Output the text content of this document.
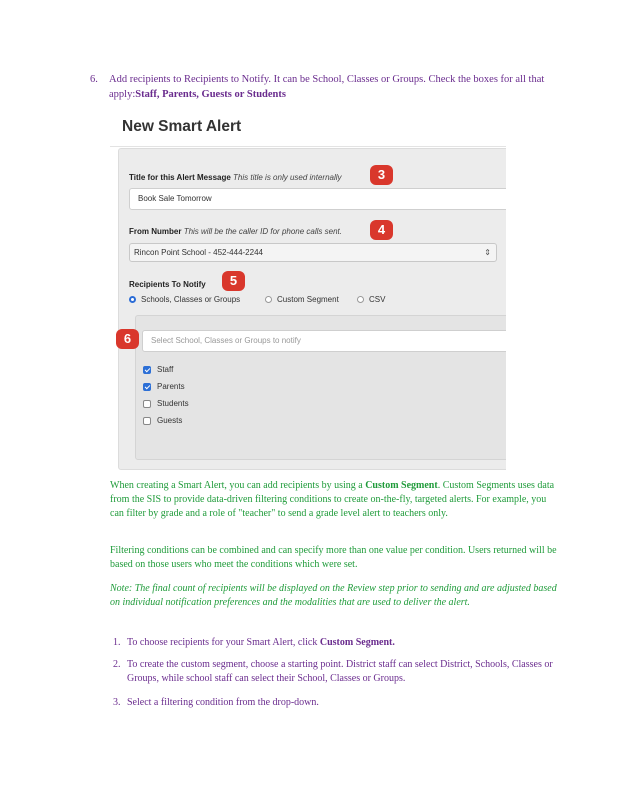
6. Add recipients to Recipients to Notify. It can be School, Classes or Groups. Check the boxes for all that apply:Staff, Parents, Guests or Students
New Smart Alert
Title for this Alert Message This title is only used internally	3
Book Sale Tomorrow
From Number This will be the caller ID for phone calls sent.	4
Rincon Point School - 452-444-2244	⇕
Recipients To Notify	5
Schools, Classes or Groups	Custom Segment	CSV
Select School, Classes or Groups to notify
Staff
Parents
Students
Guests
6
When creating a Smart Alert, you can add recipients by using a Custom Segment. Custom Segments uses data from the SIS to provide data-driven filtering conditions to create on-the-fly, targeted alerts. For example, you can filter by grade and a role of "teacher" to send a grade level alert to teachers only.
Filtering conditions can be combined and can specify more than one value per condition. Users returned will be based on those users who meet the conditions which were set.
Note: The final count of recipients will be displayed on the Review step prior to sending and are adjusted based on individual notification preferences and the modalities that are used to deliver the alert.
1. To choose recipients for your Smart Alert, click Custom Segment.
2. To create the custom segment, choose a starting point. District staff can select District, Schools, Classes or Groups, while school staff can select their School, Classes or Groups.
3. Select a filtering condition from the drop-down.
